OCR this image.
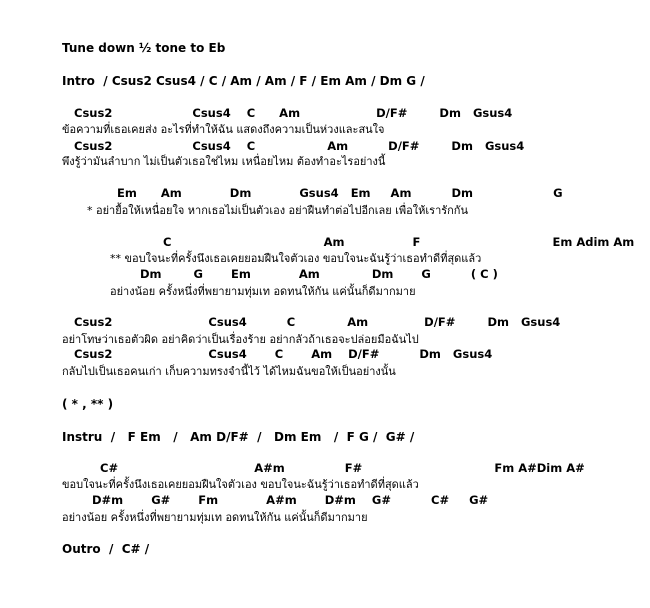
Tune down ½ tone to Eb
Intro  / Csus2 Csus4 / C / Am / Am / F / Em Am / Dm G /
Csus2                    Csus4    C      Am                   D/F#        Dm   Gsus4
ข้อความที่เธอเคยส่ง อะไรที่ทำให้ฉัน แสดงถึงความเป็นห่วงและสนใจ
Csus2                    Csus4    C                  Am          D/F#        Dm   Gsus4
พึงรู้ว่ามันลำบาก ไม่เป็นตัวเธอใช่ไหม เหนื่อยไหม ต้องทำอะไรอย่างนี้
Em      Am            Dm            Gsus4   Em     Am          Dm                    G
* อย่ายื้อให้เหนื่อยใจ หากเธอไม่เป็นตัวเอง อย่าฝืนทำต่อไปอีกเลย เพื่อให้เรารักกัน
C                                      Am                 F                                 Em Adim Am
** ขอบใจนะที่ครั้งนึงเธอเคยยอมฝืนใจตัวเอง ขอบใจนะฉันรู้ว่าเธอทำดีที่สุดแล้ว
Dm        G       Em            Am             Dm       G          ( C )
อย่างน้อย ครั้งหนึ่งที่พยายามทุ่มเท อดทนให้กัน แค่นั้นก็ดีมากมาย
Csus2                        Csus4          C             Am              D/F#        Dm   Gsus4
อย่าโทษว่าเธอตัวผิด อย่าคิดว่าเป็นเรื่องร้าย อย่ากลัวถ้าเธอจะปล่อยมือฉันไป
Csus2                        Csus4       C       Am    D/F#          Dm   Gsus4
กลับไปเป็นเธอคนเก่า เก็บความทรงจำนี้ไว้ ได้ไหมฉันขอให้เป็นอย่างนั้น
( * , ** )
Instru  /   F Em   /   Am D/F#  /   Dm Em   /  F G /  G# /
C#                                  A#m               F#                                 Fm A#Dim A#
ขอบใจนะที่ครั้งนึงเธอเคยยอมฝืนใจตัวเอง ขอบใจนะฉันรู้ว่าเธอทำดีที่สุดแล้ว
D#m       G#       Fm            A#m       D#m    G#          C#     G#
อย่างน้อย ครั้งหนึ่งที่พยายามทุ่มเท อดทนให้กัน แค่นั้นก็ดีมากมาย
Outro  /  C# /
